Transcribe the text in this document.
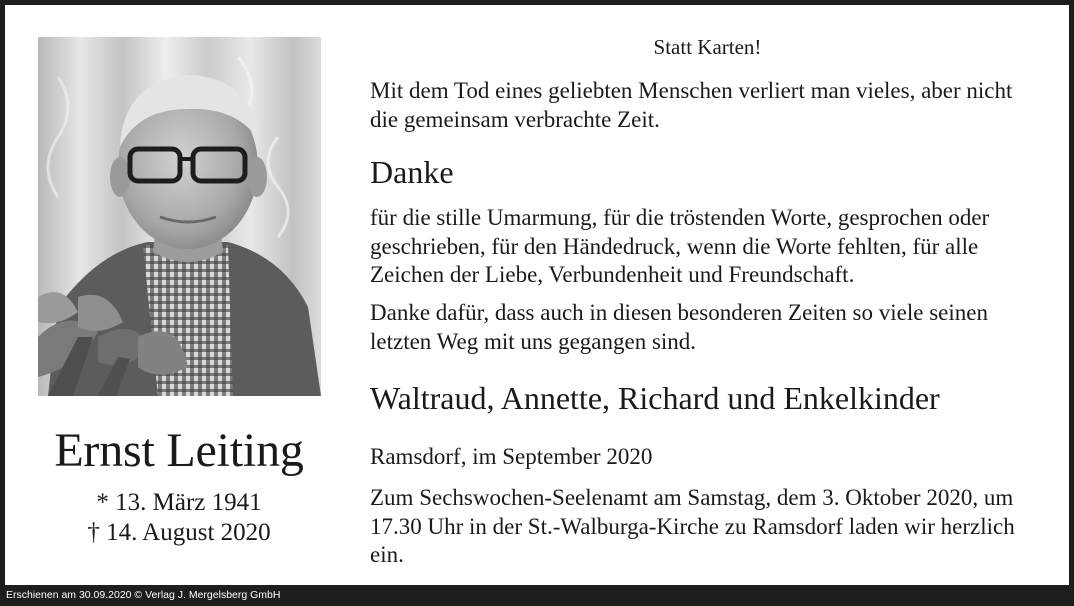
Ernst Leiting
* 13. März 1941
† 14. August 2020
Statt Karten!

Mit dem Tod eines geliebten Menschen verliert man vieles, aber nicht die gemeinsam verbrachte Zeit.

Danke

für die stille Umarmung, für die tröstenden Worte, gesprochen oder geschrieben, für den Händedruck, wenn die Worte fehlten, für alle Zeichen der Liebe, Verbundenheit und Freundschaft.

Danke dafür, dass auch in diesen besonderen Zeiten so viele seinen letzten Weg mit uns gegangen sind.

Waltraud, Annette, Richard und Enkelkinder

Ramsdorf, im September 2020

Zum Sechswochen-Seelenamt am Samstag, dem 3. Oktober 2020, um 17.30 Uhr in der St.-Walburga-Kirche zu Ramsdorf laden wir herzlich ein.

Erschienen am 30.09.2020 © Verlag J. Mergelsberg GmbH
